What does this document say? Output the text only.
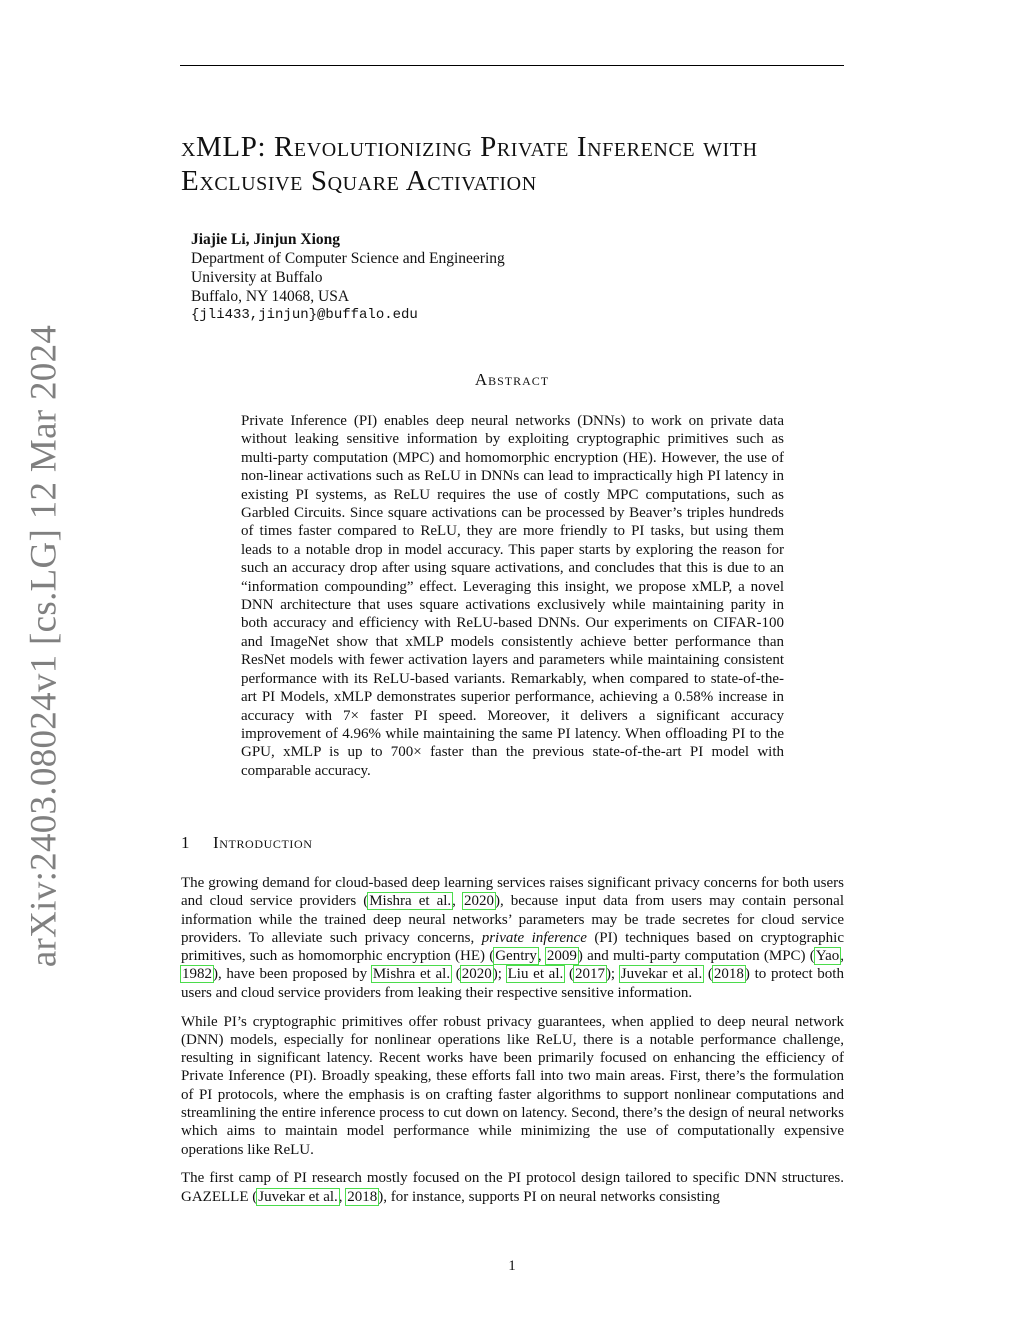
arXiv:2403.08024v1 [cs.LG] 12 Mar 2024
xMLP: Revolutionizing Private Inference with
Exclusive Square Activation
Jiajie Li, Jinjun Xiong
Department of Computer Science and Engineering
University at Buffalo
Buffalo, NY 14068, USA
{jli433,jinjun}@buffalo.edu
Abstract

Private Inference (PI) enables deep neural networks (DNNs) to work on private data without leaking sensitive information by exploiting cryptographic primitives such as multi-party computation (MPC) and homomorphic encryption (HE). However, the use of non-linear activations such as ReLU in DNNs can lead to impractically high PI latency in existing PI systems, as ReLU requires the use of costly MPC computations, such as Garbled Circuits. Since square activations can be processed by Beaver’s triples hundreds of times faster compared to ReLU, they are more friendly to PI tasks, but using them leads to a notable drop in model accuracy. This paper starts by exploring the reason for such an accuracy drop after using square activations, and concludes that this is due to an “information compounding” effect. Leveraging this insight, we propose xMLP, a novel DNN architecture that uses square activations exclusively while maintaining parity in both accuracy and efficiency with ReLU-based DNNs. Our experiments on CIFAR-100 and ImageNet show that xMLP models consistently achieve better performance than ResNet models with fewer activation layers and parameters while maintaining consistent performance with its ReLU-based variants. Remarkably, when compared to state-of-the-art PI Models, xMLP demonstrates superior performance, achieving a 0.58% increase in accuracy with 7× faster PI speed. Moreover, it delivers a significant accuracy improvement of 4.96% while maintaining the same PI latency. When offloading PI to the GPU, xMLP is up to 700× faster than the previous state-of-the-art PI model with comparable accuracy.

1 Introduction

The growing demand for cloud-based deep learning services raises significant privacy concerns for both users and cloud service providers (Mishra et al., 2020), because input data from users may contain personal information while the trained deep neural networks’ parameters may be trade secretes for cloud service providers. To alleviate such privacy concerns, private inference (PI) techniques based on cryptographic primitives, such as homomorphic encryption (HE) (Gentry, 2009) and multi-party computation (MPC) (Yao, 1982), have been proposed by Mishra et al. (2020); Liu et al. (2017); Juvekar et al. (2018) to protect both users and cloud service providers from leaking their respective sensitive information.

While PI’s cryptographic primitives offer robust privacy guarantees, when applied to deep neural network (DNN) models, especially for nonlinear operations like ReLU, there is a notable performance challenge, resulting in significant latency. Recent works have been primarily focused on enhancing the efficiency of Private Inference (PI). Broadly speaking, these efforts fall into two main areas. First, there’s the formulation of PI protocols, where the emphasis is on crafting faster algorithms to support nonlinear computations and streamlining the entire inference process to cut down on latency. Second, there’s the design of neural networks which aims to maintain model performance while minimizing the use of computationally expensive operations like ReLU.

The first camp of PI research mostly focused on the PI protocol design tailored to specific DNN structures. GAZELLE (Juvekar et al., 2018), for instance, supports PI on neural networks consisting

1
